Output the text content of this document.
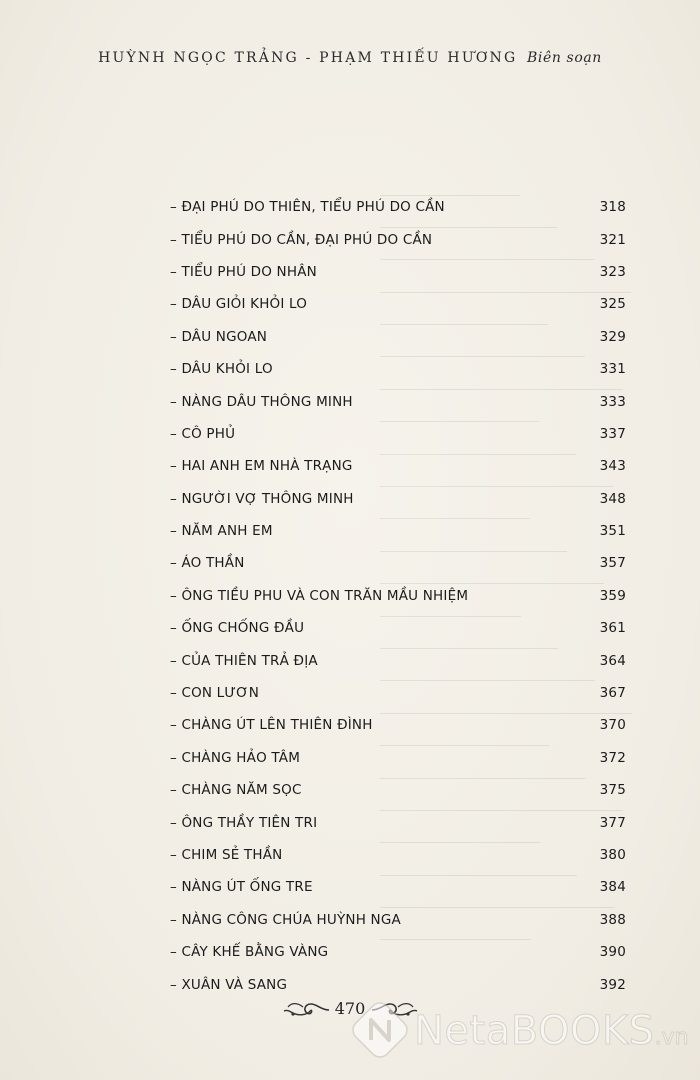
HUỲNH NGỌC TRẢNG - PHẠM THIẾU HƯƠNG Biên soạn
– ĐẠI PHÚ DO THIÊN, TIỂU PHÚ DO CẦN	318
– TIỂU PHÚ DO CẦN, ĐẠI PHÚ DO CẦN	321
– TIỂU PHÚ DO NHÂN	323
– DÂU GIỎI KHỎI LO	325
– DÂU NGOAN	329
– DÂU KHỎI LO	331
– NÀNG DÂU THÔNG MINH	333
– CÔ PHỦ	337
– HAI ANH EM NHÀ TRẠNG	343
– NGƯỜI VỢ THÔNG MINH	348
– NĂM ANH EM	351
– ÁO THẦN	357
– ÔNG TIỀU PHU VÀ CON TRĂN MẦU NHIỆM	359
– ỐNG CHỐNG ĐẦU	361
– CỦA THIÊN TRẢ ĐỊA	364
– CON LƯƠN	367
– CHÀNG ÚT LÊN THIÊN ĐÌNH	370
– CHÀNG HẢO TÂM	372
– CHÀNG NĂM SỌC	375
– ÔNG THẦY TIÊN TRI	377
– CHIM SẺ THẦN	380
– NÀNG ÚT ỐNG TRE	384
– NÀNG CÔNG CHÚA HUỲNH NGA	388
– CÂY KHẾ BẰNG VÀNG	390
– XUÂN VÀ SANG	392
470	NetaBOOKS.vn
